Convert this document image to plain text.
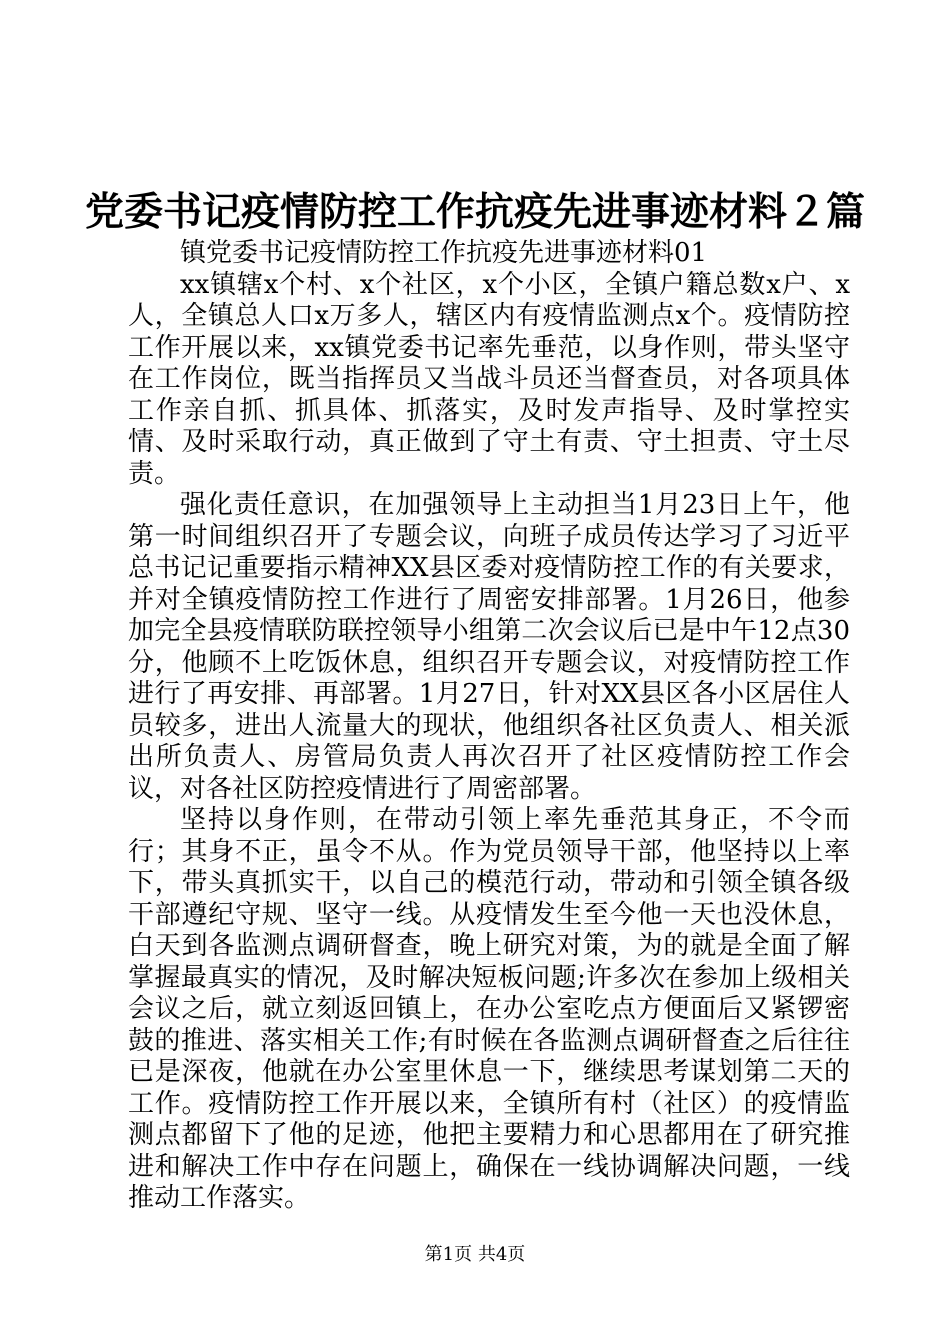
党委书记疫情防控工作抗疫先进事迹材料２篇

镇党委书记疫情防控工作抗疫先进事迹材料01

xx镇辖x个村、x个社区，x个小区，全镇户籍总数x户、x人，全镇总人口x万多人，辖区内有疫情监测点x个。疫情防控工作开展以来，xx镇党委书记率先垂范，以身作则，带头坚守在工作岗位，既当指挥员又当战斗员还当督查员，对各项具体工作亲自抓、抓具体、抓落实，及时发声指导、及时掌控实情、及时采取行动，真正做到了守土有责、守土担责、守土尽责。

强化责任意识，在加强领导上主动担当1月23日上午，他第一时间组织召开了专题会议，向班子成员传达学习了习近平总书记记重要指示精神XX县区委对疫情防控工作的有关要求，并对全镇疫情防控工作进行了周密安排部署。1月26日，他参加完全县疫情联防联控领导小组第二次会议后已是中午12点30分，他顾不上吃饭休息，组织召开专题会议，对疫情防控工作进行了再安排、再部署。1月27日，针对XX县区各小区居住人员较多，进出人流量大的现状，他组织各社区负责人、相关派出所负责人、房管局负责人再次召开了社区疫情防控工作会议，对各社区防控疫情进行了周密部署。

坚持以身作则，在带动引领上率先垂范其身正，不令而行；其身不正，虽令不从。作为党员领导干部，他坚持以上率下，带头真抓实干，以自己的模范行动，带动和引领全镇各级干部遵纪守规、坚守一线。从疫情发生至今他一天也没休息，白天到各监测点调研督查，晚上研究对策，为的就是全面了解掌握最真实的情况，及时解决短板问题;许多次在参加上级相关会议之后，就立刻返回镇上，在办公室吃点方便面后又紧锣密鼓的推进、落实相关工作;有时候在各监测点调研督查之后往往已是深夜，他就在办公室里休息一下，继续思考谋划第二天的工作。疫情防控工作开展以来，全镇所有村（社区）的疫情监测点都留下了他的足迹，他把主要精力和心思都用在了研究推进和解决工作中存在问题上，确保在一线协调解决问题，一线推动工作落实。

第1页 共4页
